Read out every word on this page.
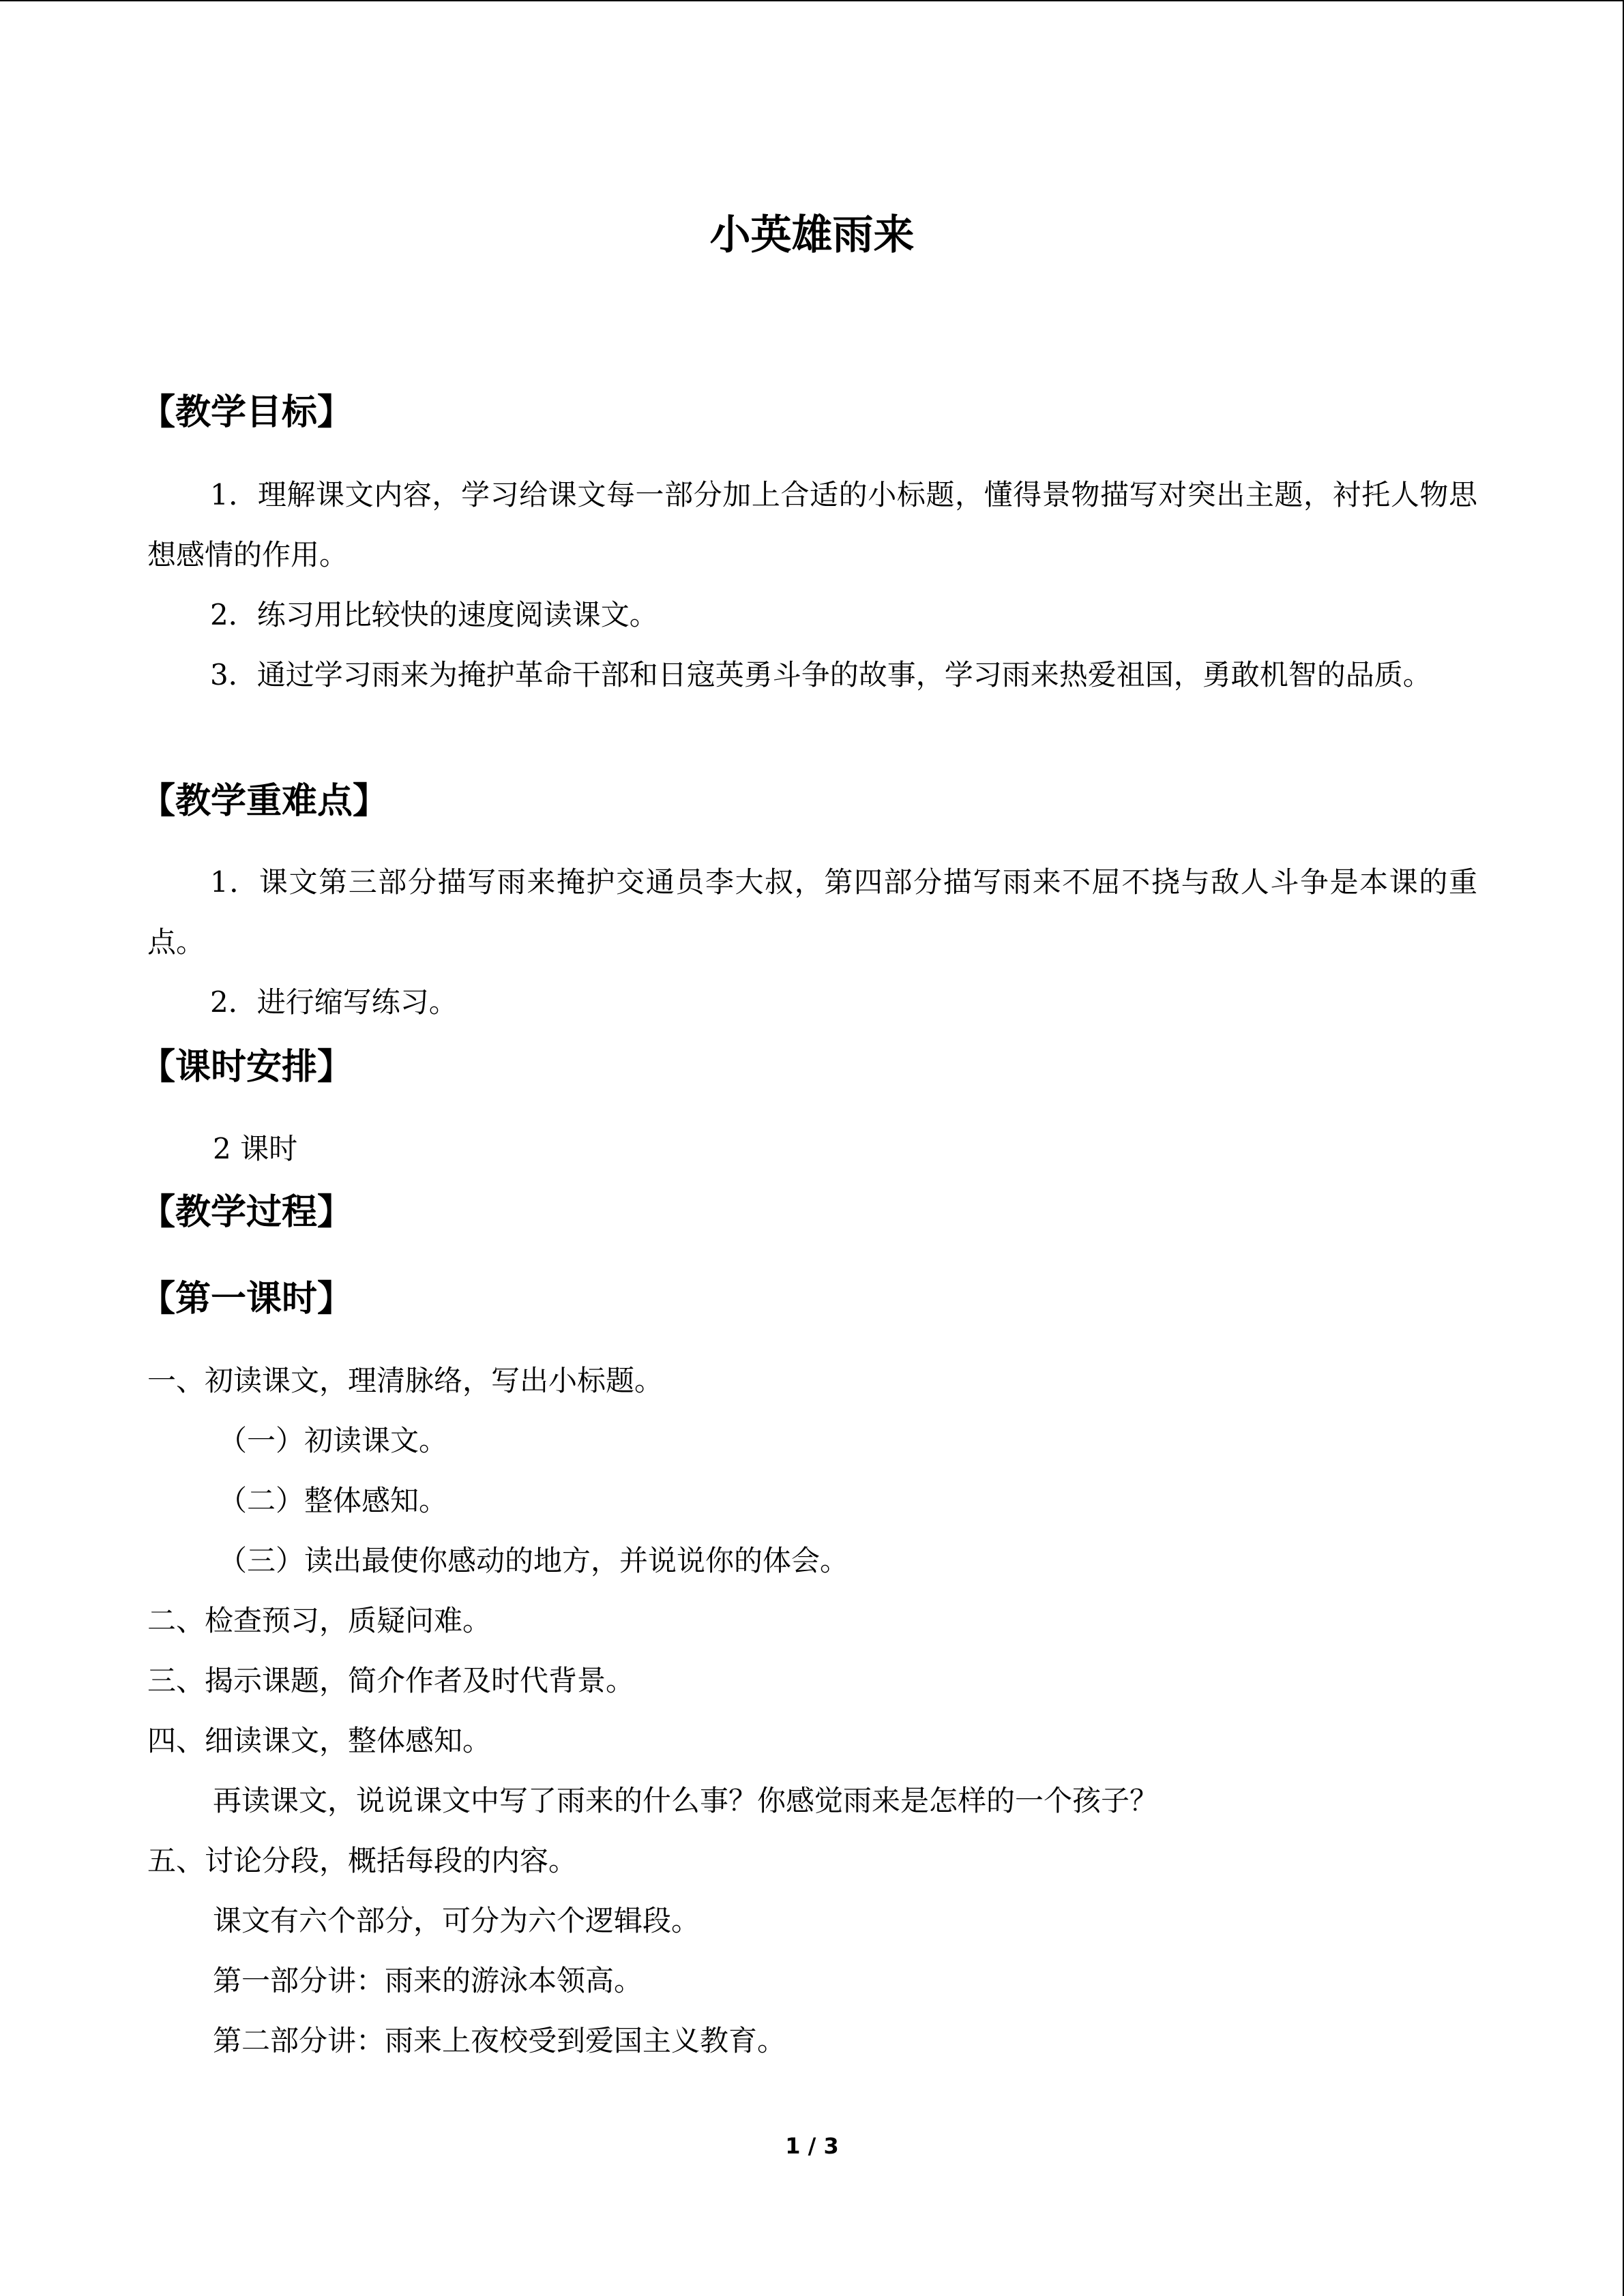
小英雄雨来
【教学目标】
1．理解课文内容，学习给课文每一部分加上合适的小标题，懂得景物描写对突出主题，衬托人物思想感情的作用。
2．练习用比较快的速度阅读课文。
3．通过学习雨来为掩护革命干部和日寇英勇斗争的故事，学习雨来热爱祖国，勇敢机智的品质。
【教学重难点】
1．课文第三部分描写雨来掩护交通员李大叔，第四部分描写雨来不屈不挠与敌人斗争是本课的重点。
2．进行缩写练习。
【课时安排】
2 课时
【教学过程】
【第一课时】
一、初读课文，理清脉络，写出小标题。
（一）初读课文。
（二）整体感知。
（三）读出最使你感动的地方，并说说你的体会。
二、检查预习，质疑问难。
三、揭示课题，简介作者及时代背景。
四、细读课文，整体感知。
再读课文，说说课文中写了雨来的什么事？你感觉雨来是怎样的一个孩子？
五、讨论分段，概括每段的内容。
课文有六个部分，可分为六个逻辑段。
第一部分讲：雨来的游泳本领高。
第二部分讲：雨来上夜校受到爱国主义教育。
1 / 3
